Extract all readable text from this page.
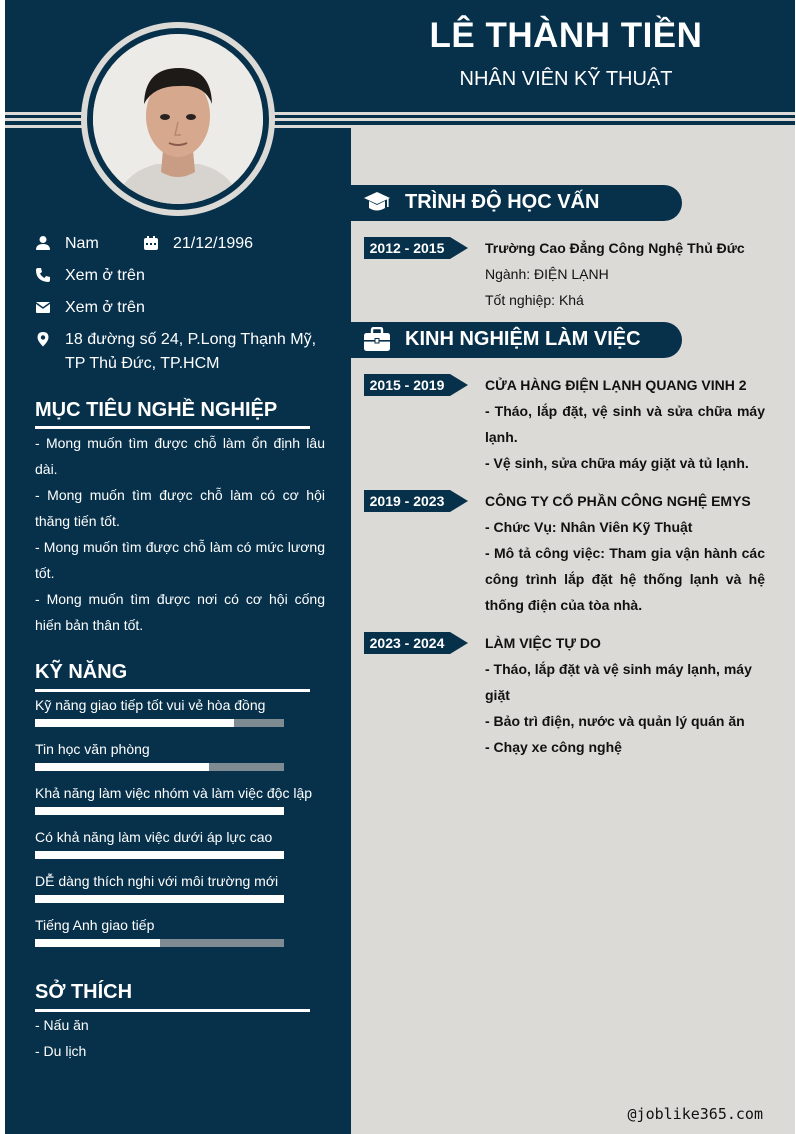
LÊ THÀNH TIỀN
NHÂN VIÊN KỸ THUẬT
Nam	21/12/1996
Xem ở trên
Xem ở trên
18 đường số 24, P.Long Thạnh Mỹ, TP Thủ Đức, TP.HCM
MỤC TIÊU NGHỀ NGHIỆP

- Mong muốn tìm được chỗ làm ổn định lâu dài.

- Mong muốn tìm được chỗ làm có cơ hội thăng tiến tốt.

- Mong muốn tìm được chỗ làm có mức lương tốt.

- Mong muốn tìm được nơi có cơ hội cống hiến bản thân tốt.

KỸ NĂNG
Kỹ năng giao tiếp tốt vui vẻ hòa đồng
Tin học văn phòng
Khả năng làm việc nhóm và làm việc độc lập
Có khả năng làm việc dưới áp lực cao
DỄ dàng thích nghi với môi trường mới
Tiếng Anh giao tiếp
SỞ THÍCH
- Nấu ăn
- Du lịch
TRÌNH ĐỘ HỌC VẤN
2012 - 2015	Trường Cao Đẳng Công Nghệ Thủ Đức

Ngành: ĐIỆN LẠNH

Tốt nghiệp: Khá

KINH NGHIỆM LÀM VIỆC
2015 - 2019	CỬA HÀNG ĐIỆN LẠNH QUANG VINH 2

- Tháo, lắp đặt, vệ sinh và sửa chữa máy lạnh.

- Vệ sinh, sửa chữa máy giặt và tủ lạnh.

2019 - 2023	CÔNG TY CỔ PHẦN CÔNG NGHỆ EMYS

- Chức Vụ: Nhân Viên Kỹ Thuật

- Mô tả công việc: Tham gia vận hành các công trình lắp đặt hệ thống lạnh và hệ thống điện của tòa nhà.

2023 - 2024	LÀM VIỆC TỰ DO

- Tháo, lắp đặt và vệ sinh máy lạnh, máy giặt

- Bảo trì điện, nước và quản lý quán ăn

- Chạy xe công nghệ

@joblike365.com
